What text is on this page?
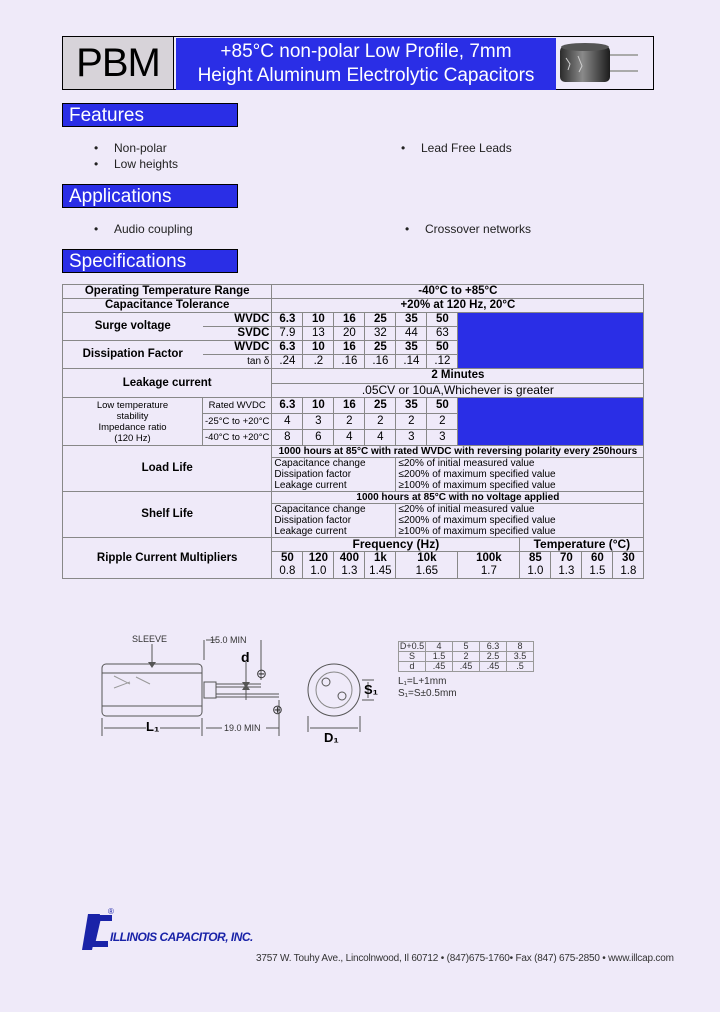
PBM	+85°C non-polar Low Profile, 7mm
Height Aluminum Electrolytic Capacitors
Features
• Non-polar
• Low heights
• Lead Free Leads
Applications
• Audio coupling	• Crossover networks
Specifications
Operating Temperature Range		-40°C to +85°C										
Capacitance Tolerance		+20% at 120 Hz, 20°C										
Surge voltage	WVDC	6.3	10	16	25	35	50					
	SVDC	7.9	13	20	32	44	63					
Dissipation Factor	WVDC	6.3	10	16	25	35	50					
	tan δ	.24	.2	.16	.16	.14	.12					
Leakage current		2 Minutes										
		.05CV or 10uA,Whichever is greater										

Low temperature
stability
Impedance ratio
(120 Hz)	Rated WVDC	6.3	10	16	25	35	50					
	-25°C to +20°C	4	3	2	2	2	2					
	-40°C to +20°C	8	6	4	4	3	3					
Load Life		1000 hours at 85°C with rated WVDC with reversing polarity every 250hours										
		Capacitance change				≤20% of initial measured value						
		Dissipation factor				≤200% of maximum specified value						
		Leakage current				≥100% of maximum specified value						
Shelf Life		1000 hours at 85°C with no voltage applied										
		Capacitance change				≤20% of initial measured value						
		Dissipation factor				≤200% of maximum specified value						
		Leakage current				≥100% of maximum specified value						
Ripple Current Multipliers		Frequency (Hz)							Temperature (°C)			
		50	120	400	1k	10k		100k	85	70	60	30
		0.8	1.0	1.3	1.45	1.65		1.7	1.0	1.3	1.5	1.8
SLEEVE	15.0 MIN
d
⊖
⊕
L₁	19.0 MIN
D₁
S₁
D+0.5	4	5	6.3	8
S	1.5	2	2.5	3.5
d	.45	.45	.45	.5
L₁=L+1mm
S₁=S±0.5mm
®
ILLINOIS CAPACITOR, INC.
3757 W. Touhy Ave., Lincolnwood, Il 60712 • (847)675-1760• Fax (847) 675-2850 • www.illcap.com
